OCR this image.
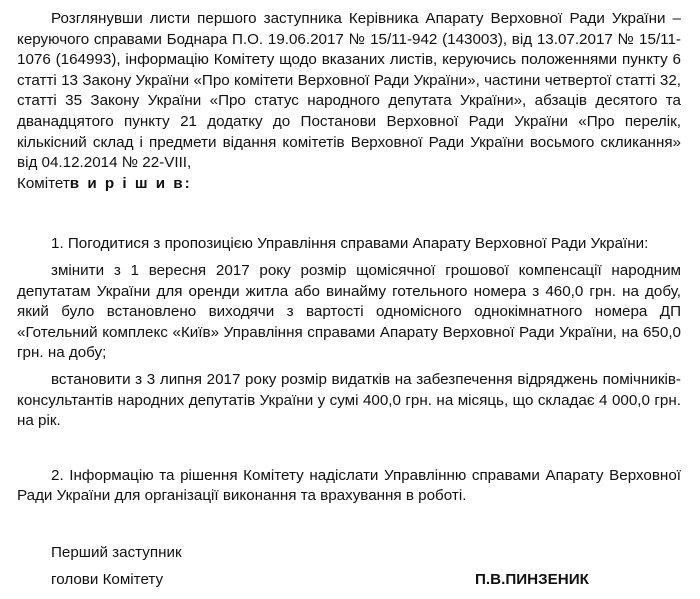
Розглянувши листи першого заступника Керівника Апарату Верховної Ради України – керуючого справами Боднара П.О. 19.06.2017 № 15/11-942 (143003), від 13.07.2017 № 15/11-1076 (164993), інформацію Комітету щодо вказаних листів, керуючись положеннями пункту 6 статті 13 Закону України «Про комітети Верховної Ради України», частини четвертої статті 32, статті 35 Закону України «Про статус народного депутата України», абзаців десятого та дванадцятого пункту 21 додатку до Постанови Верховної Ради України «Про перелік, кількісний склад і предмети відання комітетів Верховної Ради України восьмого скликання» від 04.12.2014 № 22-VIII,
Комітетв и р і ш и в:

1. Погодитися з пропозицією Управління справами Апарату Верховної Ради України:

змінити з 1 вересня 2017 року розмір щомісячної грошової компенсації народним депутатам України для оренди житла або винайму готельного номера з 460,0 грн. на добу, який було встановлено виходячи з вартості одномісного однокімнатного номера ДП «Готельний комплекс «Київ» Управління справами Апарату Верховної Ради України, на 650,0 грн. на добу;

встановити з 3 липня 2017 року розмір видатків на забезпечення відряджень помічників-консультантів народних депутатів України у сумі 400,0 грн. на місяць, що складає 4 000,0 грн. на рік.

2. Інформацію та рішення Комітету надіслати Управлінню справами Апарату Верховної Ради України для організації виконання та врахування в роботі.

Перший заступник
голови Комітету	П.В.ПИНЗЕНИК
